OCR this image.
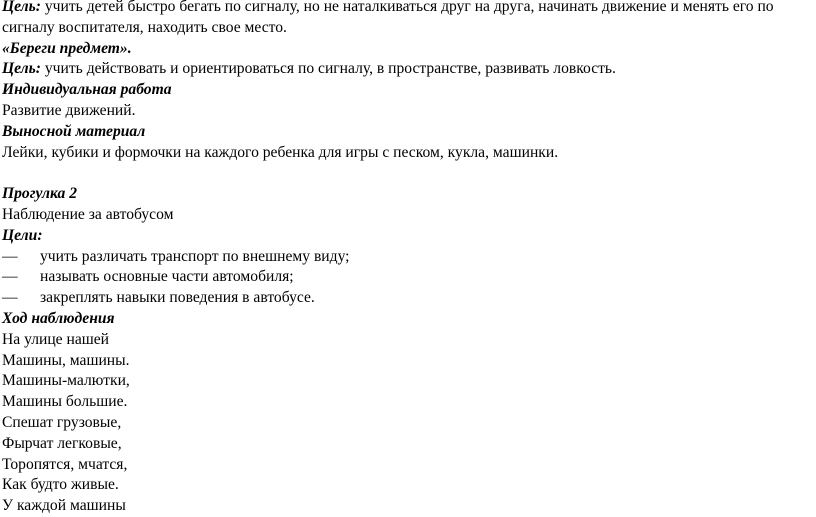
Цель: учить детей быстро бегать по сигналу, но не наталкиваться друг на друга, начинать движение и менять его по сигналу воспитателя, находить свое место.
«Береги предмет».
Цель: учить действовать и ориентироваться по сигналу, в пространстве, развивать ловкость.
Индивидуальная работа
Развитие движений.
Выносной материал
Лейки, кубики и формочки на каждого ребенка для игры с песком, кукла, машинки.
Прогулка 2
Наблюдение за автобусом
Цели:
—	учить различать транспорт по внешнему виду;
—	называть основные части автомобиля;
—	закреплять навыки поведения в автобусе.
Ход наблюдения
На улице нашей
Машины, машины.
Машины-малютки,
Машины большие.
Спешат грузовые,
Фырчат легковые,
Торопятся, мчатся,
Как будто живые.
У каждой машины
